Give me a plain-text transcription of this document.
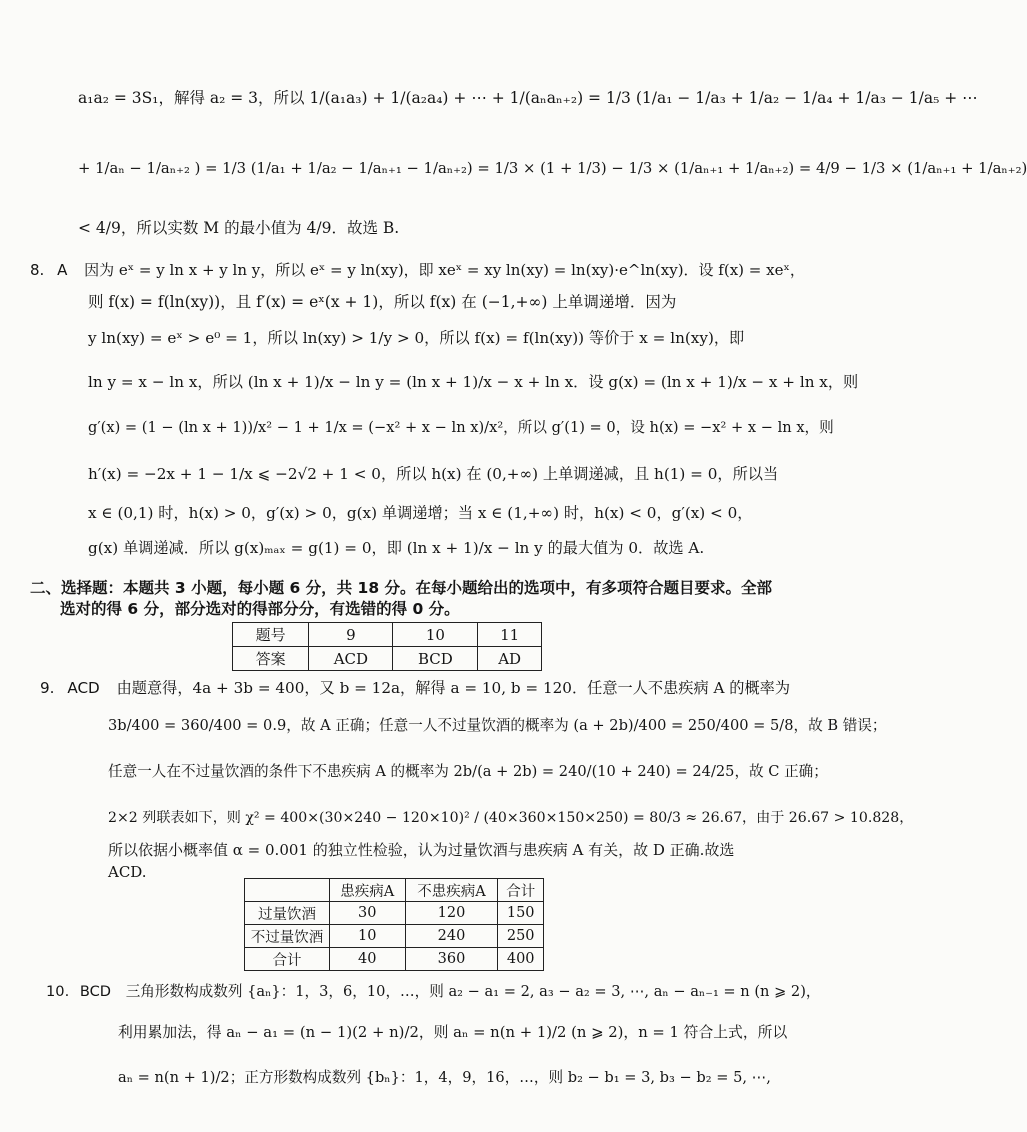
a₁a₂ = 3S₁，解得 a₂ = 3，所以 1/(a₁a₃) + 1/(a₂a₄) + ⋯ + 1/(aₙaₙ₊₂) = 1/3 (1/a₁ − 1/a₃ + 1/a₂ − 1/a₄ + 1/a₃ − 1/a₅ + ⋯
+ 1/aₙ − 1/aₙ₊₂ ) = 1/3 (1/a₁ + 1/a₂ − 1/aₙ₊₁ − 1/aₙ₊₂) = 1/3 × (1 + 1/3) − 1/3 × (1/aₙ₊₁ + 1/aₙ₊₂) = 4/9 − 1/3 × (1/aₙ₊₁ + 1/aₙ₊₂)
< 4/9，所以实数 M 的最小值为 4/9．故选 B.
8. A 因为 eˣ = y ln x + y ln y，所以 eˣ = y ln(xy)，即 xeˣ = xy ln(xy) = ln(xy)·e^ln(xy)．设 f(x) = xeˣ，
则 f(x) = f(ln(xy))，且 f′(x) = eˣ(x + 1)，所以 f(x) 在 (−1,+∞) 上单调递增．因为
y ln(xy) = eˣ > e⁰ = 1，所以 ln(xy) > 1/y > 0，所以 f(x) = f(ln(xy)) 等价于 x = ln(xy)，即
ln y = x − ln x，所以 (ln x + 1)/x − ln y = (ln x + 1)/x − x + ln x．设 g(x) = (ln x + 1)/x − x + ln x，则
g′(x) = (1 − (ln x + 1))/x² − 1 + 1/x = (−x² + x − ln x)/x²，所以 g′(1) = 0，设 h(x) = −x² + x − ln x，则
h′(x) = −2x + 1 − 1/x ⩽ −2√2 + 1 < 0，所以 h(x) 在 (0,+∞) 上单调递减，且 h(1) = 0，所以当
x ∈ (0,1) 时，h(x) > 0，g′(x) > 0，g(x) 单调递增；当 x ∈ (1,+∞) 时，h(x) < 0，g′(x) < 0，
g(x) 单调递减．所以 g(x)ₘₐₓ = g(1) = 0，即 (ln x + 1)/x − ln y 的最大值为 0．故选 A.
二、选择题：本题共 3 小题，每小题 6 分，共 18 分。在每小题给出的选项中，有多项符合题目要求。全部
选对的得 6 分，部分选对的得部分分，有选错的得 0 分。
题号	9	10	11
答案	ACD	BCD	AD
9. ACD 由题意得，4a + 3b = 400，又 b = 12a，解得 a = 10, b = 120．任意一人不患疾病 A 的概率为
3b/400 = 360/400 = 0.9，故 A 正确；任意一人不过量饮酒的概率为 (a + 2b)/400 = 250/400 = 5/8，故 B 错误；
任意一人在不过量饮酒的条件下不患疾病 A 的概率为 2b/(a + 2b) = 240/(10 + 240) = 24/25，故 C 正确；
2×2 列联表如下，则 χ² = 400×(30×240 − 120×10)² / (40×360×150×250) = 80/3 ≈ 26.67，由于 26.67 > 10.828，
所以依据小概率值 α = 0.001 的独立性检验，认为过量饮酒与患疾病 A 有关，故 D 正确.故选
ACD.
	患疾病A	不患疾病A	合计
过量饮酒	30	120	150
不过量饮酒	10	240	250
合计	40	360	400
10. BCD 三角形数构成数列 {aₙ}：1，3，6，10，…，则 a₂ − a₁ = 2, a₃ − a₂ = 3, ⋯, aₙ − aₙ₋₁ = n (n ⩾ 2)，
利用累加法，得 aₙ − a₁ = (n − 1)(2 + n)/2，则 aₙ = n(n + 1)/2 (n ⩾ 2)，n = 1 符合上式，所以
aₙ = n(n + 1)/2；正方形数构成数列 {bₙ}：1，4，9，16，…，则 b₂ − b₁ = 3, b₃ − b₂ = 5, ⋯,
